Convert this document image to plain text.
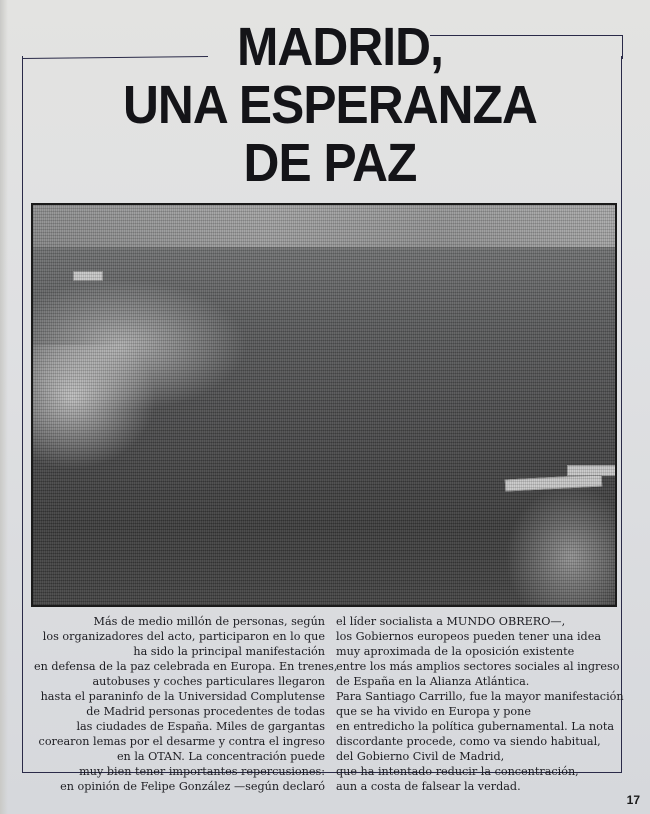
MADRID,
UNA ESPERANZA
DE PAZ
Más de medio millón de personas, según
los organizadores del acto, participaron en lo que
ha sido la principal manifestación
en defensa de la paz celebrada en Europa. En trenes,
autobuses y coches particulares llegaron
hasta el paraninfo de la Universidad Complutense
de Madrid personas procedentes de todas
las ciudades de España. Miles de gargantas
corearon lemas por el desarme y contra el ingreso
en la OTAN. La concentración puede
muy bien tener importantes repercusiones:
en opinión de Felipe González —según declaró
el líder socialista a MUNDO OBRERO—,
los Gobiernos europeos pueden tener una idea
muy aproximada de la oposición existente
entre los más amplios sectores sociales al ingreso
de España en la Alianza Atlántica.
Para Santiago Carrillo, fue la mayor manifestación
que se ha vivido en Europa y pone
en entredicho la política gubernamental. La nota
discordante procede, como va siendo habitual,
del Gobierno Civil de Madrid,
que ha intentado reducir la concentración,
aun a costa de falsear la verdad.
17
